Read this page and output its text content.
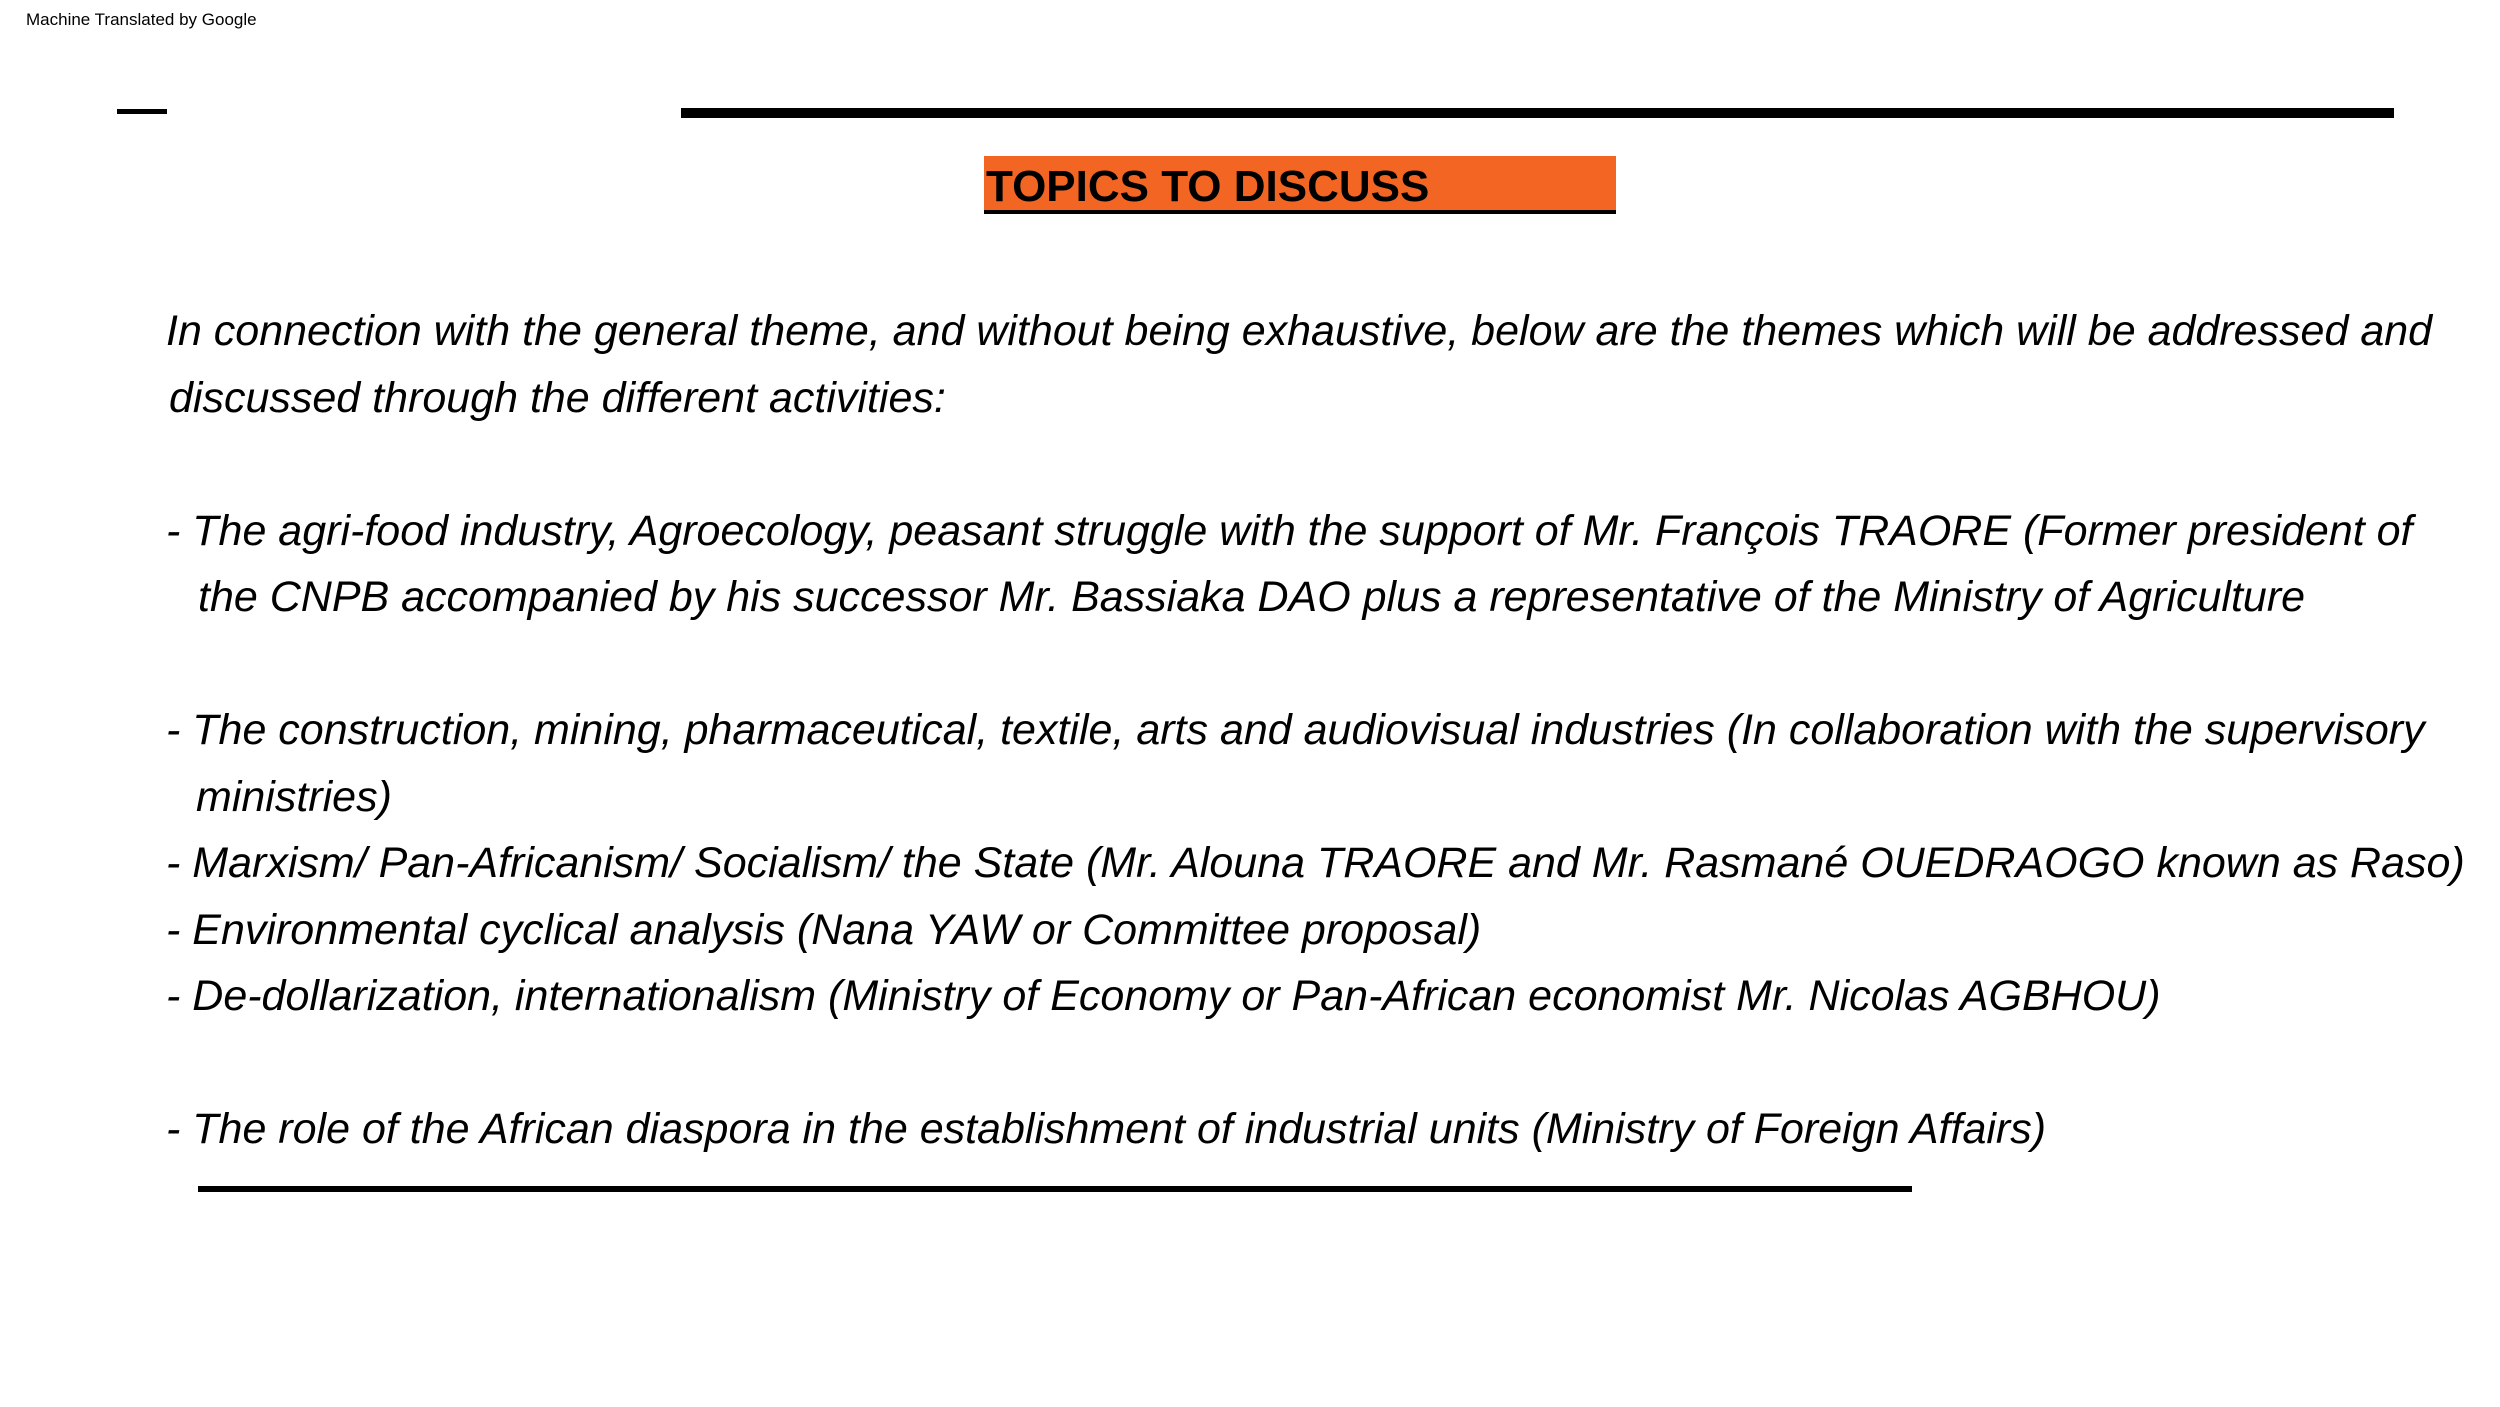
Machine Translated by Google
TOPICS TO DISCUSS

In connection with the general theme, and without being exhaustive, below are the themes which will be addressed and

discussed through the different activities:

- The agri-food industry, Agroecology, peasant struggle with the support of Mr. François TRAORE (Former president of

the CNPB accompanied by his successor Mr. Bassiaka DAO plus a representative of the Ministry of Agriculture

- The construction, mining, pharmaceutical, textile, arts and audiovisual industries (In collaboration with the supervisory

ministries)

- Marxism/ Pan-Africanism/ Socialism/ the State (Mr. Alouna TRAORE and Mr. Rasmané OUEDRAOGO known as Raso)

- Environmental cyclical analysis (Nana YAW or Committee proposal)

- De-dollarization, internationalism (Ministry of Economy or Pan-African economist Mr. Nicolas AGBHOU)

- The role of the African diaspora in the establishment of industrial units (Ministry of Foreign Affairs)
